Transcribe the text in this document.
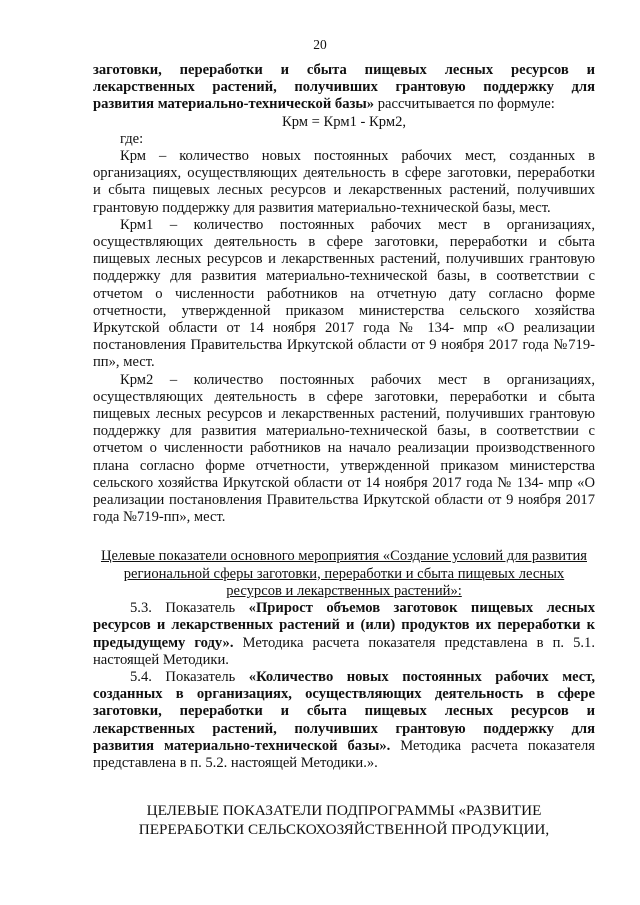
20

заготовки, переработки и сбыта пищевых лесных ресурсов и

лекарственных растений, получивших грантовую поддержку для

развития материально-технической базы» рассчитывается по формуле:

Крм = Крм1 - Крм2,

где:

Крм – количество новых постоянных рабочих мест, созданных в

организациях, осуществляющих деятельность в сфере заготовки, переработки

и сбыта пищевых лесных ресурсов и лекарственных растений, получивших

грантовую поддержку для развития материально-технической базы, мест.

Крм1 – количество постоянных рабочих мест в организациях,

осуществляющих деятельность в сфере заготовки, переработки и сбыта

пищевых лесных ресурсов и лекарственных растений, получивших грантовую

поддержку для развития материально-технической базы, в соответствии с

отчетом о численности работников на отчетную дату согласно форме

отчетности, утвержденной приказом министерства сельского хозяйства

Иркутской области от 14 ноября 2017 года № 134- мпр «О реализации

постановления Правительства Иркутской области от 9 ноября 2017 года №719-

пп», мест.

Крм2 – количество постоянных рабочих мест в организациях,

осуществляющих деятельность в сфере заготовки, переработки и сбыта

пищевых лесных ресурсов и лекарственных растений, получивших грантовую

поддержку для развития материально-технической базы, в соответствии с

отчетом о численности работников на начало реализации производственного

плана согласно форме отчетности, утвержденной приказом министерства

сельского хозяйства Иркутской области от 14 ноября 2017 года № 134- мпр «О

реализации постановления Правительства Иркутской области от 9 ноября 2017

года №719-пп», мест.

Целевые показатели основного мероприятия «Создание условий для развития

региональной сферы заготовки, переработки и сбыта пищевых лесных

ресурсов и лекарственных растений»:

5.3. Показатель «Прирост объемов заготовок пищевых лесных

ресурсов и лекарственных растений и (или) продуктов их переработки к

предыдущему году». Методика расчета показателя представлена в п. 5.1.

настоящей Методики.

5.4. Показатель «Количество новых постоянных рабочих мест,

созданных в организациях, осуществляющих деятельность в сфере

заготовки, переработки и сбыта пищевых лесных ресурсов и

лекарственных растений, получивших грантовую поддержку для

развития материально-технической базы». Методика расчета показателя

представлена в п. 5.2. настоящей Методики.».

ЦЕЛЕВЫЕ ПОКАЗАТЕЛИ ПОДПРОГРАММЫ «РАЗВИТИЕ

ПЕРЕРАБОТКИ СЕЛЬСКОХОЗЯЙСТВЕННОЙ ПРОДУКЦИИ,
